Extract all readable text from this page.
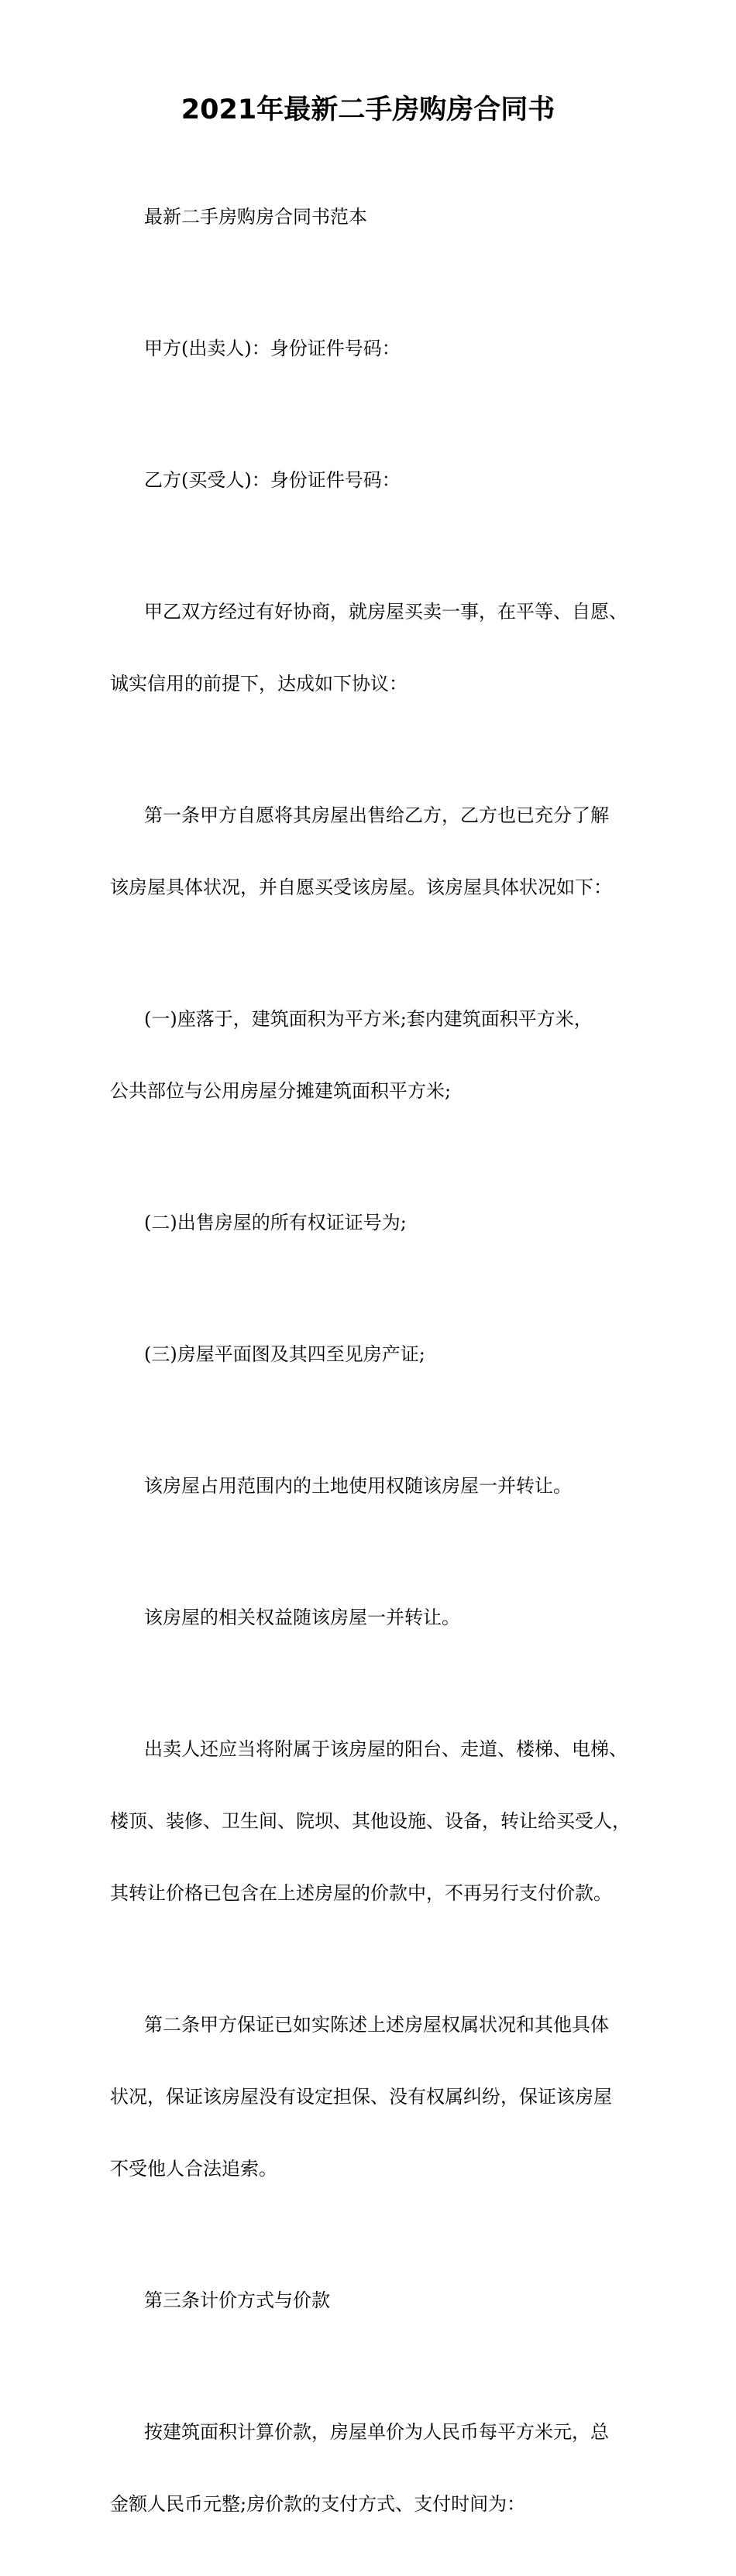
2021年最新二手房购房合同书

最新二手房购房合同书范本

甲方(出卖人)：身份证件号码：

乙方(买受人)：身份证件号码：

甲乙双方经过有好协商，就房屋买卖一事，在平等、自愿、

诚实信用的前提下，达成如下协议：

第一条甲方自愿将其房屋出售给乙方，乙方也已充分了解

该房屋具体状况，并自愿买受该房屋。该房屋具体状况如下：

(一)座落于，建筑面积为平方米;套内建筑面积平方米，

公共部位与公用房屋分摊建筑面积平方米;

(二)出售房屋的所有权证证号为;

(三)房屋平面图及其四至见房产证;

该房屋占用范围内的土地使用权随该房屋一并转让。

该房屋的相关权益随该房屋一并转让。

出卖人还应当将附属于该房屋的阳台、走道、楼梯、电梯、

楼顶、装修、卫生间、院坝、其他设施、设备，转让给买受人，

其转让价格已包含在上述房屋的价款中，不再另行支付价款。

第二条甲方保证已如实陈述上述房屋权属状况和其他具体

状况，保证该房屋没有设定担保、没有权属纠纷，保证该房屋

不受他人合法追索。

第三条计价方式与价款

按建筑面积计算价款，房屋单价为人民币每平方米元，总

金额人民币元整;房价款的支付方式、支付时间为：
